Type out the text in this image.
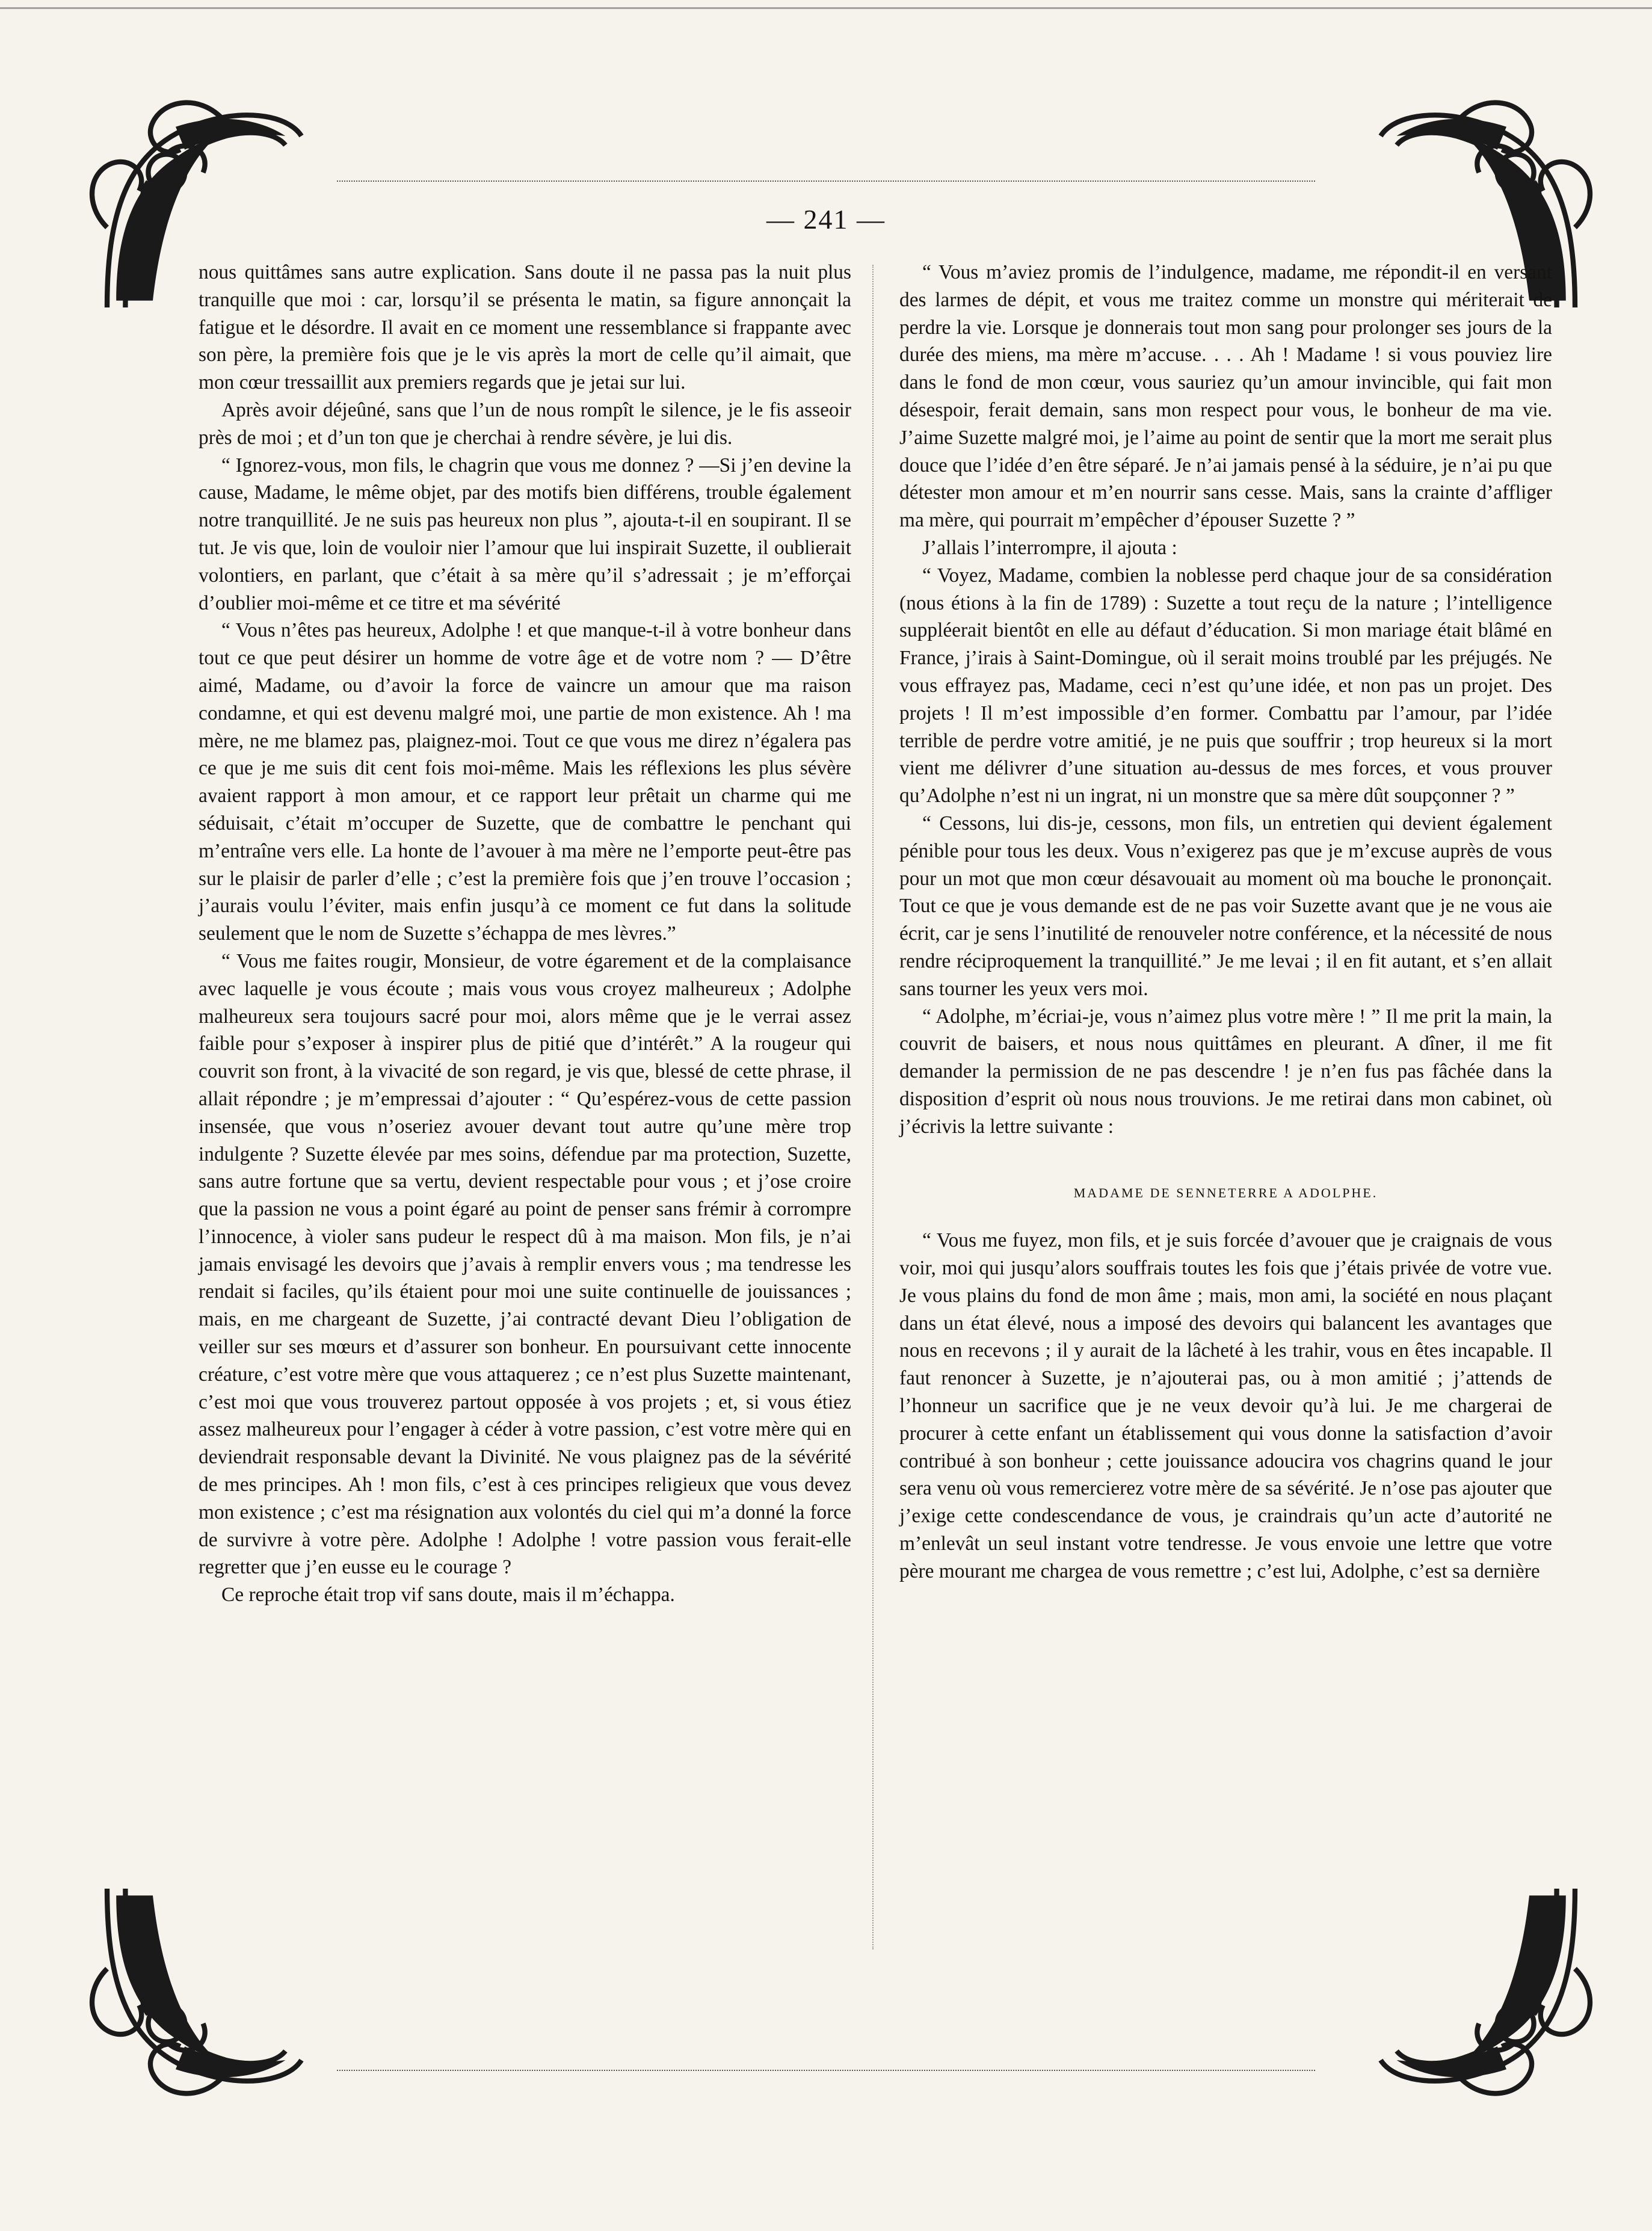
— 241 —

nous quittâmes sans autre explication. Sans doute il ne passa pas la nuit plus tranquille que moi : car, lorsqu’il se présenta le matin, sa figure annonçait la fatigue et le désordre. Il avait en ce moment une ressemblance si frappante avec son père, la première fois que je le vis après la mort de celle qu’il aimait, que mon cœur tressaillit aux premiers regards que je jetai sur lui.

Après avoir déjeûné, sans que l’un de nous rompît le silence, je le fis asseoir près de moi ; et d’un ton que je cherchai à rendre sévère, je lui dis.

“ Ignorez-vous, mon fils, le chagrin que vous me donnez ? —Si j’en devine la cause, Madame, le même objet, par des motifs bien différens, trouble également notre tranquillité. Je ne suis pas heureux non plus ”, ajouta-t-il en soupirant. Il se tut. Je vis que, loin de vouloir nier l’amour que lui inspirait Suzette, il oublierait volontiers, en parlant, que c’était à sa mère qu’il s’adressait ; je m’efforçai d’oublier moi-même et ce titre et ma sévérité

“ Vous n’êtes pas heureux, Adolphe ! et que manque-t-il à votre bonheur dans tout ce que peut désirer un homme de votre âge et de votre nom ? — D’être aimé, Madame, ou d’avoir la force de vaincre un amour que ma raison condamne, et qui est devenu malgré moi, une partie de mon existence. Ah ! ma mère, ne me blamez pas, plaignez-moi. Tout ce que vous me direz n’égalera pas ce que je me suis dit cent fois moi-même. Mais les réflexions les plus sévère avaient rapport à mon amour, et ce rapport leur prêtait un charme qui me séduisait, c’était m’occuper de Suzette, que de combattre le penchant qui m’entraîne vers elle. La honte de l’avouer à ma mère ne l’emporte peut-être pas sur le plaisir de parler d’elle ; c’est la première fois que j’en trouve l’occasion ; j’aurais voulu l’éviter, mais enfin jusqu’à ce moment ce fut dans la solitude seulement que le nom de Suzette s’échappa de mes lèvres.”

“ Vous me faites rougir, Monsieur, de votre égarement et de la complaisance avec laquelle je vous écoute ; mais vous vous croyez malheureux ; Adolphe malheureux sera toujours sacré pour moi, alors même que je le verrai assez faible pour s’exposer à inspirer plus de pitié que d’intérêt.” A la rougeur qui couvrit son front, à la vivacité de son regard, je vis que, blessé de cette phrase, il allait répondre ; je m’empressai d’ajouter : “ Qu’espérez-vous de cette passion insensée, que vous n’oseriez avouer devant tout autre qu’une mère trop indulgente ? Suzette élevée par mes soins, défendue par ma protection, Suzette, sans autre fortune que sa vertu, devient respectable pour vous ; et j’ose croire que la passion ne vous a point égaré au point de penser sans frémir à corrompre l’innocence, à violer sans pudeur le respect dû à ma maison. Mon fils, je n’ai jamais envisagé les devoirs que j’avais à remplir envers vous ; ma tendresse les rendait si faciles, qu’ils étaient pour moi une suite continuelle de jouissances ; mais, en me chargeant de Suzette, j’ai contracté devant Dieu l’obligation de veiller sur ses mœurs et d’assurer son bonheur. En poursuivant cette innocente créature, c’est votre mère que vous attaquerez ; ce n’est plus Suzette maintenant, c’est moi que vous trouverez partout opposée à vos projets ; et, si vous étiez assez malheureux pour l’engager à céder à votre passion, c’est votre mère qui en deviendrait responsable devant la Divinité. Ne vous plaignez pas de la sévérité de mes principes. Ah ! mon fils, c’est à ces principes religieux que vous devez mon existence ; c’est ma résignation aux volontés du ciel qui m’a donné la force de survivre à votre père. Adolphe ! Adolphe ! votre passion vous ferait-elle regretter que j’en eusse eu le courage ?

Ce reproche était trop vif sans doute, mais il m’échappa.

“ Vous m’aviez promis de l’indulgence, madame, me répondit-il en versant des larmes de dépit, et vous me traitez comme un monstre qui mériterait de perdre la vie. Lorsque je donnerais tout mon sang pour prolonger ses jours de la durée des miens, ma mère m’accuse. . . . Ah ! Madame ! si vous pouviez lire dans le fond de mon cœur, vous sauriez qu’un amour invincible, qui fait mon désespoir, ferait demain, sans mon respect pour vous, le bonheur de ma vie. J’aime Suzette malgré moi, je l’aime au point de sentir que la mort me serait plus douce que l’idée d’en être séparé. Je n’ai jamais pensé à la séduire, je n’ai pu que détester mon amour et m’en nourrir sans cesse. Mais, sans la crainte d’affliger ma mère, qui pourrait m’empêcher d’épouser Suzette ? ”

J’allais l’interrompre, il ajouta :

“ Voyez, Madame, combien la noblesse perd chaque jour de sa considération (nous étions à la fin de 1789) : Suzette a tout reçu de la nature ; l’intelligence suppléerait bientôt en elle au défaut d’éducation. Si mon mariage était blâmé en France, j’irais à Saint-Domingue, où il serait moins troublé par les préjugés. Ne vous effrayez pas, Madame, ceci n’est qu’une idée, et non pas un projet. Des projets ! Il m’est impossible d’en former. Combattu par l’amour, par l’idée terrible de perdre votre amitié, je ne puis que souffrir ; trop heureux si la mort vient me délivrer d’une situation au-dessus de mes forces, et vous prouver qu’Adolphe n’est ni un ingrat, ni un monstre que sa mère dût soupçonner ? ”

“ Cessons, lui dis-je, cessons, mon fils, un entretien qui devient également pénible pour tous les deux. Vous n’exigerez pas que je m’excuse auprès de vous pour un mot que mon cœur désavouait au moment où ma bouche le prononçait. Tout ce que je vous demande est de ne pas voir Suzette avant que je ne vous aie écrit, car je sens l’inutilité de renouveler notre conférence, et la nécessité de nous rendre réciproquement la tranquillité.” Je me levai ; il en fit autant, et s’en allait sans tourner les yeux vers moi.

“ Adolphe, m’écriai-je, vous n’aimez plus votre mère ! ” Il me prit la main, la couvrit de baisers, et nous nous quittâmes en pleurant. A dîner, il me fit demander la permission de ne pas descendre ! je n’en fus pas fâchée dans la disposition d’esprit où nous nous trouvions. Je me retirai dans mon cabinet, où j’écrivis la lettre suivante :

MADAME DE SENNETERRE A ADOLPHE.

“ Vous me fuyez, mon fils, et je suis forcée d’avouer que je craignais de vous voir, moi qui jusqu’alors souffrais toutes les fois que j’étais privée de votre vue. Je vous plains du fond de mon âme ; mais, mon ami, la société en nous plaçant dans un état élevé, nous a imposé des devoirs qui balancent les avantages que nous en recevons ; il y aurait de la lâcheté à les trahir, vous en êtes incapable. Il faut renoncer à Suzette, je n’ajouterai pas, ou à mon amitié ; j’attends de l’honneur un sacrifice que je ne veux devoir qu’à lui. Je me chargerai de procurer à cette enfant un établissement qui vous donne la satisfaction d’avoir contribué à son bonheur ; cette jouissance adoucira vos chagrins quand le jour sera venu où vous remercierez votre mère de sa sévérité. Je n’ose pas ajouter que j’exige cette condescendance de vous, je craindrais qu’un acte d’autorité ne m’enlevât un seul instant votre tendresse. Je vous envoie une lettre que votre père mourant me chargea de vous remettre ; c’est lui, Adolphe, c’est sa dernière
